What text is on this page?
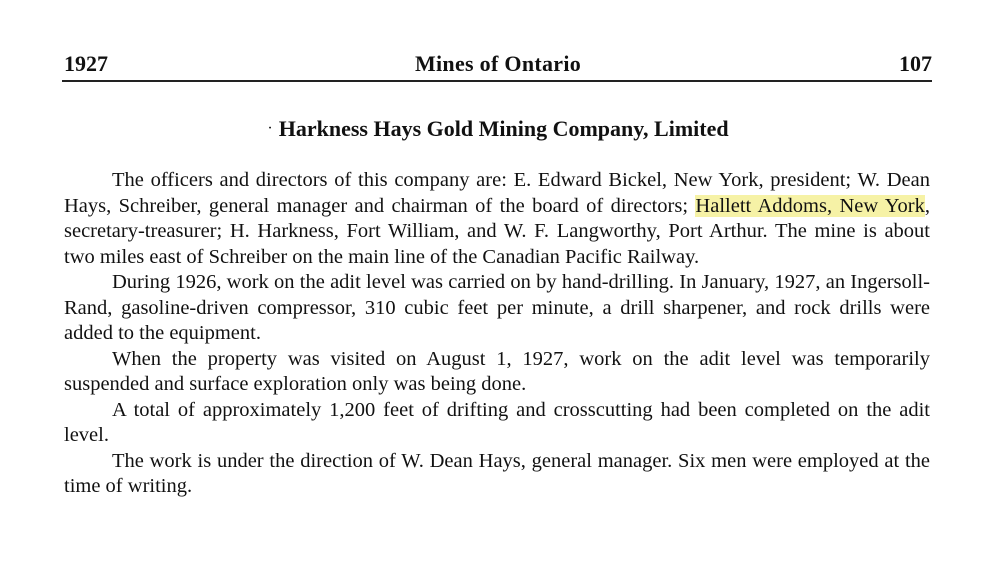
1927	Mines of Ontario	107
· Harkness Hays Gold Mining Company, Limited

The officers and directors of this company are: E. Edward Bickel, New York, president; W. Dean Hays, Schreiber, general manager and chairman of the board of directors; Hallett Addoms, New York, secretary-treasurer; H. Harkness, Fort William, and W. F. Langworthy, Port Arthur. The mine is about two miles east of Schreiber on the main line of the Canadian Pacific Railway.

During 1926, work on the adit level was carried on by hand-drilling. In January, 1927, an Ingersoll-Rand, gasoline-driven compressor, 310 cubic feet per minute, a drill sharpener, and rock drills were added to the equipment.

When the property was visited on August 1, 1927, work on the adit level was temporarily suspended and surface exploration only was being done.

A total of approximately 1,200 feet of drifting and crosscutting had been completed on the adit level.

The work is under the direction of W. Dean Hays, general manager. Six men were employed at the time of writing.
